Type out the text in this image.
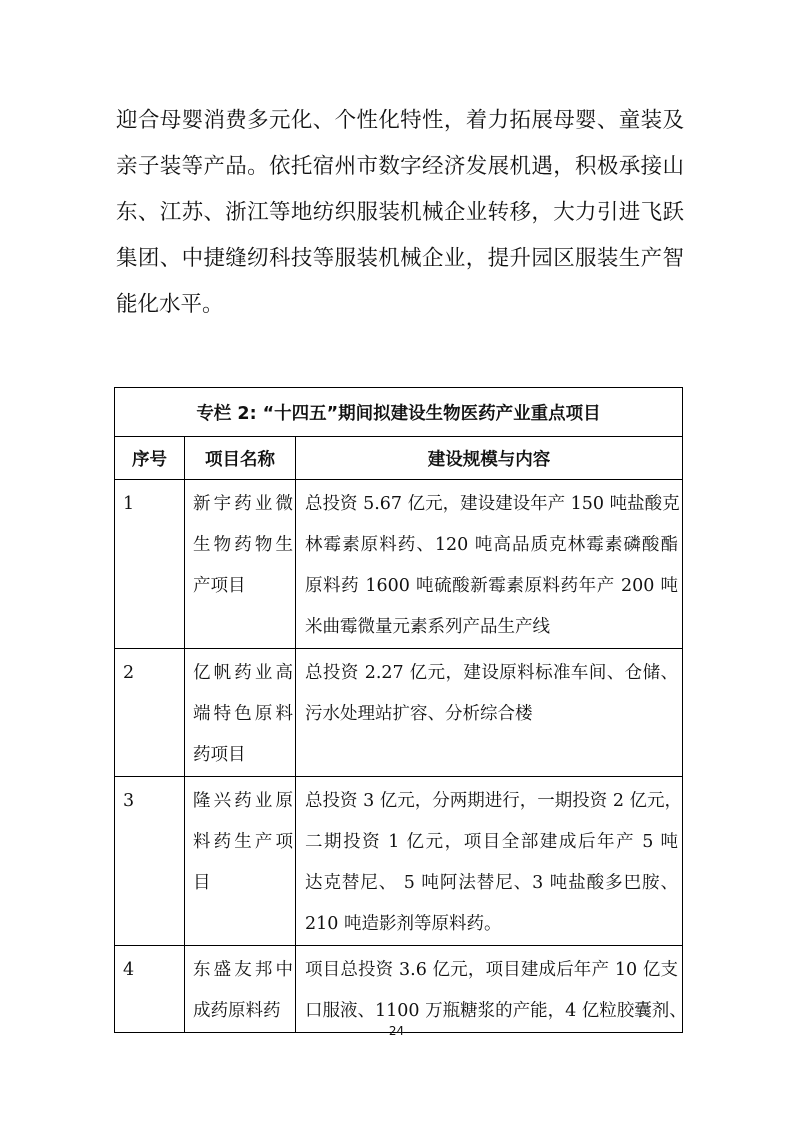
迎合母婴消费多元化、个性化特性，着力拓展母婴、童装及
亲子装等产品。依托宿州市数字经济发展机遇，积极承接山
东、江苏、浙江等地纺织服装机械企业转移，大力引进飞跃
集团、中捷缝纫科技等服装机械企业，提升园区服装生产智
能化水平。
专栏 2: “十四五”期间拟建设生物医药产业重点项目		
序号	项目名称	建设规模与内容

1	新宇药业微
生物药物生
产项目	总投资 5.67 亿元，建设建设年产 150 吨盐酸克
林霉素原料药、120 吨高品质克林霉素磷酸酯
原料药 1600 吨硫酸新霉素原料药年产 200 吨
米曲霉微量元素系列产品生产线

2	亿帆药业高
端特色原料
药项目	总投资 2.27 亿元，建设原料标准车间、仓储、
污水处理站扩容、分析综合楼

3	隆兴药业原
料药生产项
目	总投资 3 亿元，分两期进行，一期投资 2 亿元，
二期投资 1 亿元，项目全部建成后年产 5 吨
达克替尼、 5 吨阿法替尼、3 吨盐酸多巴胺、
210 吨造影剂等原料药。

4	东盛友邦中
成药原料药	项目总投资 3.6 亿元，项目建成后年产 10 亿支
口服液、1100 万瓶糖浆的产能，4 亿粒胶囊剂、
24
